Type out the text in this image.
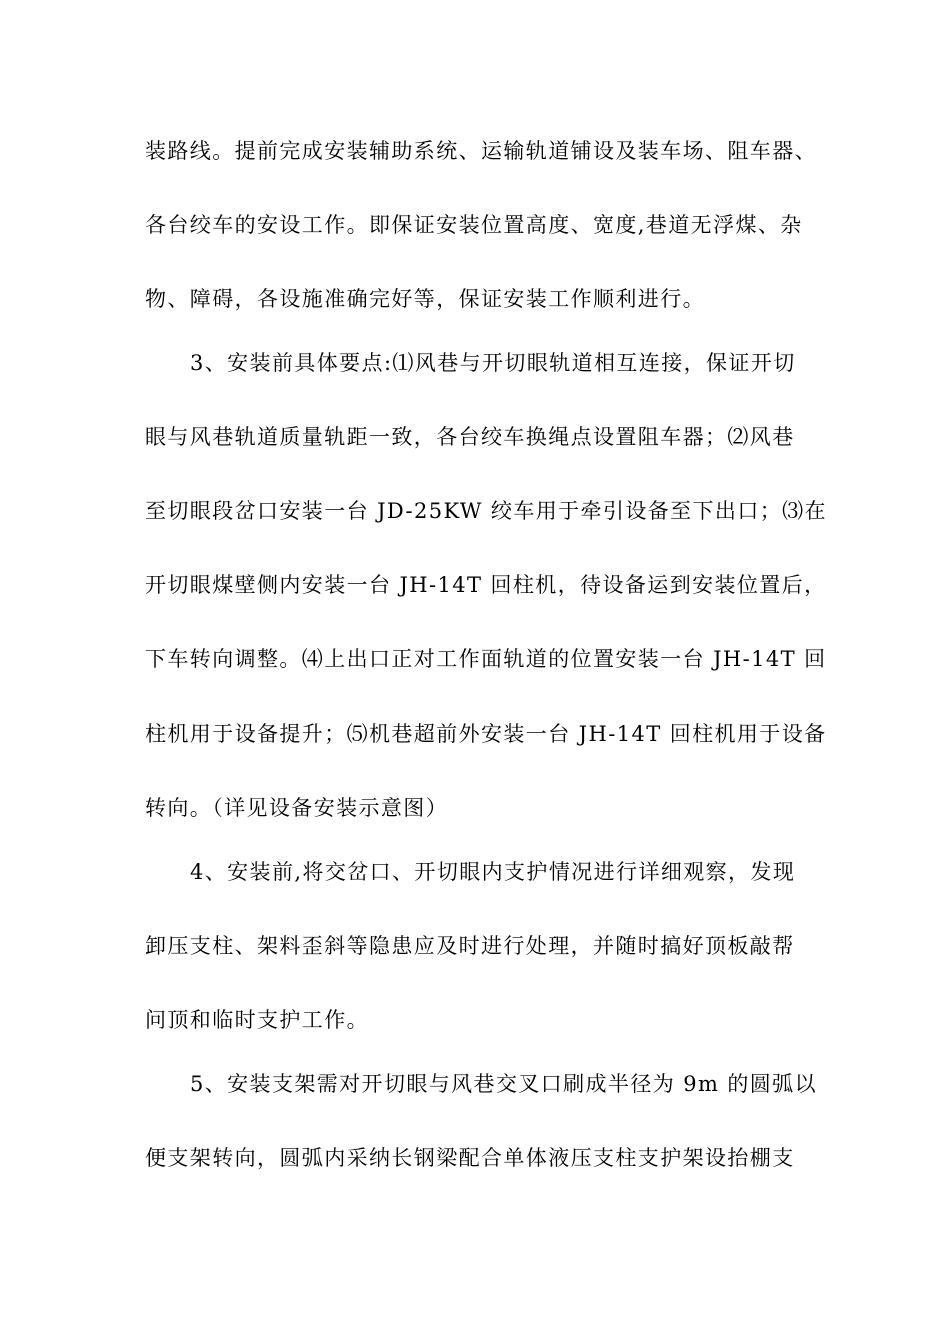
装路线。提前完成安装辅助系统、运输轨道铺设及装车场、阻车器、
各台绞车的安设工作。即保证安装位置高度、宽度,巷道无浮煤、杂
物、障碍，各设施准确完好等，保证安装工作顺利进行。
3、安装前具体要点:⑴风巷与开切眼轨道相互连接，保证开切
眼与风巷轨道质量轨距一致，各台绞车换绳点设置阻车器；⑵风巷
至切眼段岔口安装一台 JD-25KW 绞车用于牵引设备至下出口；⑶在
开切眼煤壁侧内安装一台 JH-14T 回柱机，待设备运到安装位置后，
下车转向调整。⑷上出口正对工作面轨道的位置安装一台 JH-14T 回
柱机用于设备提升；⑸机巷超前外安装一台 JH-14T 回柱机用于设备
转向。（详见设备安装示意图）
4、安装前,将交岔口、开切眼内支护情况进行详细观察，发现
卸压支柱、架料歪斜等隐患应及时进行处理，并随时搞好顶板敲帮
问顶和临时支护工作。
5、安装支架需对开切眼与风巷交叉口刷成半径为 9m 的圆弧以
便支架转向，圆弧内采纳长钢梁配合单体液压支柱支护架设抬棚支
